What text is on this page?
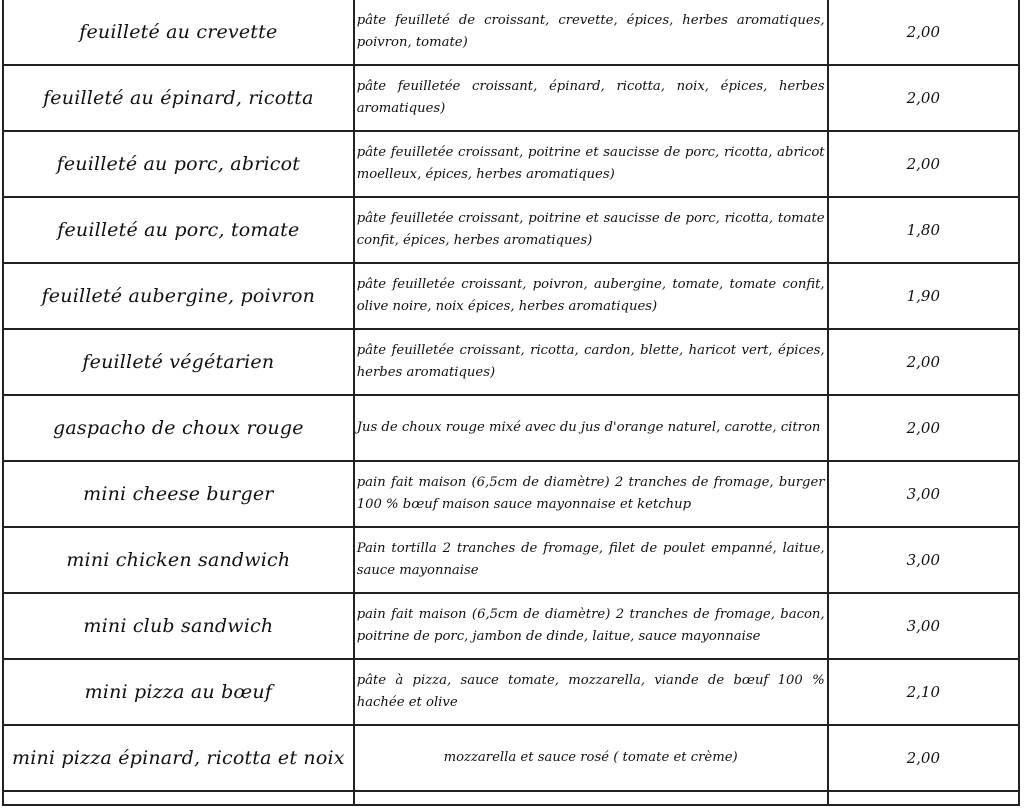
feuilleté au crevette	pâte feuilleté de croissant, crevette, épices, herbes aromatiques, poivron, tomate)	2,00
feuilleté au épinard, ricotta	pâte feuilletée croissant, épinard, ricotta, noix, épices, herbes aromatiques)	2,00
feuilleté au porc, abricot	pâte feuilletée croissant, poitrine et saucisse de porc, ricotta, abricot moelleux, épices, herbes aromatiques)	2,00
feuilleté au porc, tomate	pâte feuilletée croissant, poitrine et saucisse de porc, ricotta, tomate confit, épices, herbes aromatiques)	1,80
feuilleté aubergine, poivron	pâte feuilletée croissant, poivron, aubergine, tomate, tomate confit, olive noire, noix épices, herbes aromatiques)	1,90
feuilleté végétarien	pâte feuilletée croissant, ricotta, cardon, blette, haricot vert, épices, herbes aromatiques)	2,00
gaspacho de choux rouge	Jus de choux rouge mixé avec du jus d'orange naturel, carotte, citron	2,00
mini cheese burger	pain fait maison (6,5cm de diamètre) 2 tranches de fromage, burger 100 % bœuf maison sauce mayonnaise et ketchup	3,00
mini chicken sandwich	Pain tortilla 2 tranches de fromage, filet de poulet empanné, laitue, sauce mayonnaise	3,00
mini club sandwich	pain fait maison (6,5cm de diamètre) 2 tranches de fromage, bacon, poitrine de porc, jambon de dinde, laitue, sauce mayonnaise	3,00
mini pizza au bœuf	pâte à pizza, sauce tomate, mozzarella, viande de bœuf 100 % hachée et olive	2,10
mini pizza épinard, ricotta et noix	mozzarella et sauce rosé ( tomate et crème)	2,00
